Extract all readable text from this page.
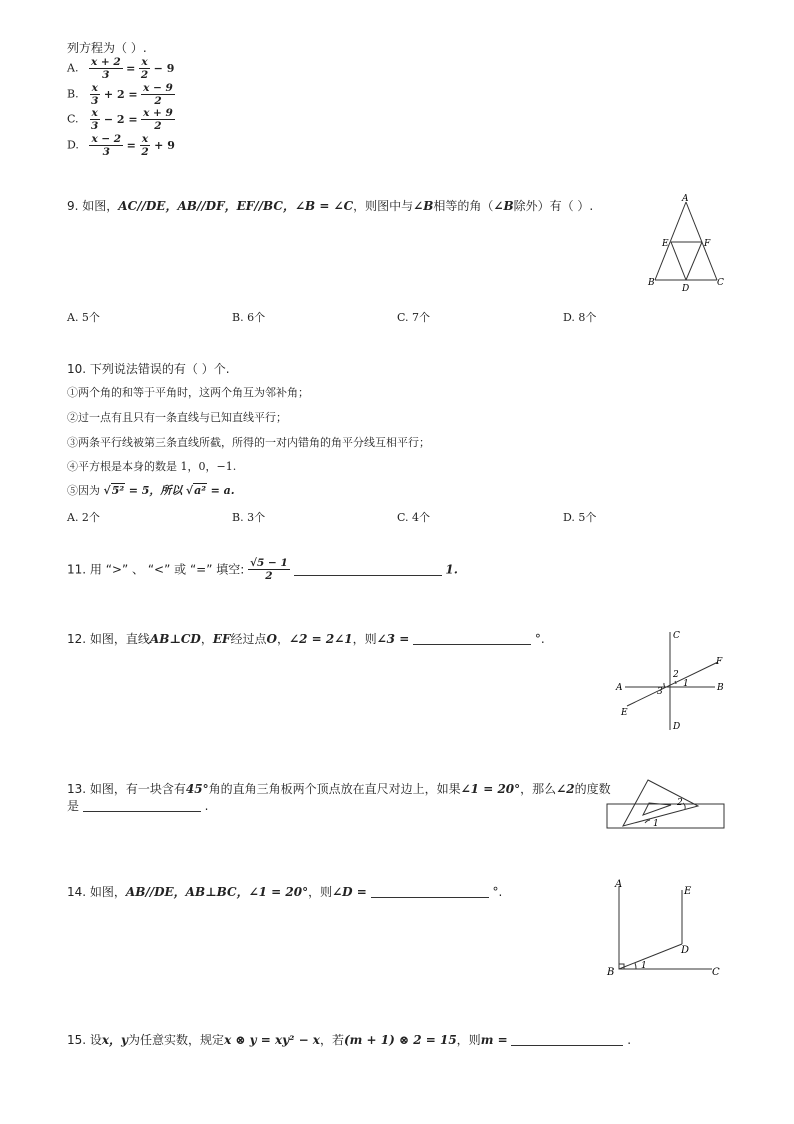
列方程为（ ）.
A. $\frac{x + 2}{3} = \frac{x}{2} - 9$
B. $\frac{x}{3} + 2 = \frac{x - 9}{2}$
C. $\frac{x}{3} - 2 = \frac{x + 9}{2}$
D. $\frac{x - 2}{3} = \frac{x}{2} + 9$
9. 如图，AC//DE，AB//DF，EF//BC，∠B = ∠C，则图中与∠B相等的角（∠B除外）有（ ）.	A
E	F
B
D
C
A. 5个	B. 6个	C. 7个	D. 8个
10. 下列说法错误的有（ ）个.
①两个角的和等于平角时，这两个角互为邻补角；
②过一点有且只有一条直线与已知直线平行；
③两条平行线被第三条直线所截，所得的一对内错角的角平分线互相平行；
④平方根是本身的数是 1，0，−1.
⑤因为 √5² = 5，所以 √a² = a.
A. 2个	B. 3个	C. 4个	D. 5个
11. 用 “>” 、 “<” 或 “=” 填空: $\frac{√5 - 1}{2}$	1.
12. 如图，直线AB⊥CD，EF经过点O，∠2 = 2∠1，则∠3 =	°.	C
D
A	B
F
E
1
2
3
13. 如图，有一块含有45°角的直角三角板两个顶点放在直尺对边上，如果∠1 = 20°，那么∠2的度数
是	.	2
1
14. 如图，AB//DE，AB⊥BC，∠1 = 20°，则∠D =	°.
A
E
D
B	C
1
15. 设x，y为任意实数，规定x ⊗ y = xy² − x，若(m + 1) ⊗ 2 = 15，则m =	.
